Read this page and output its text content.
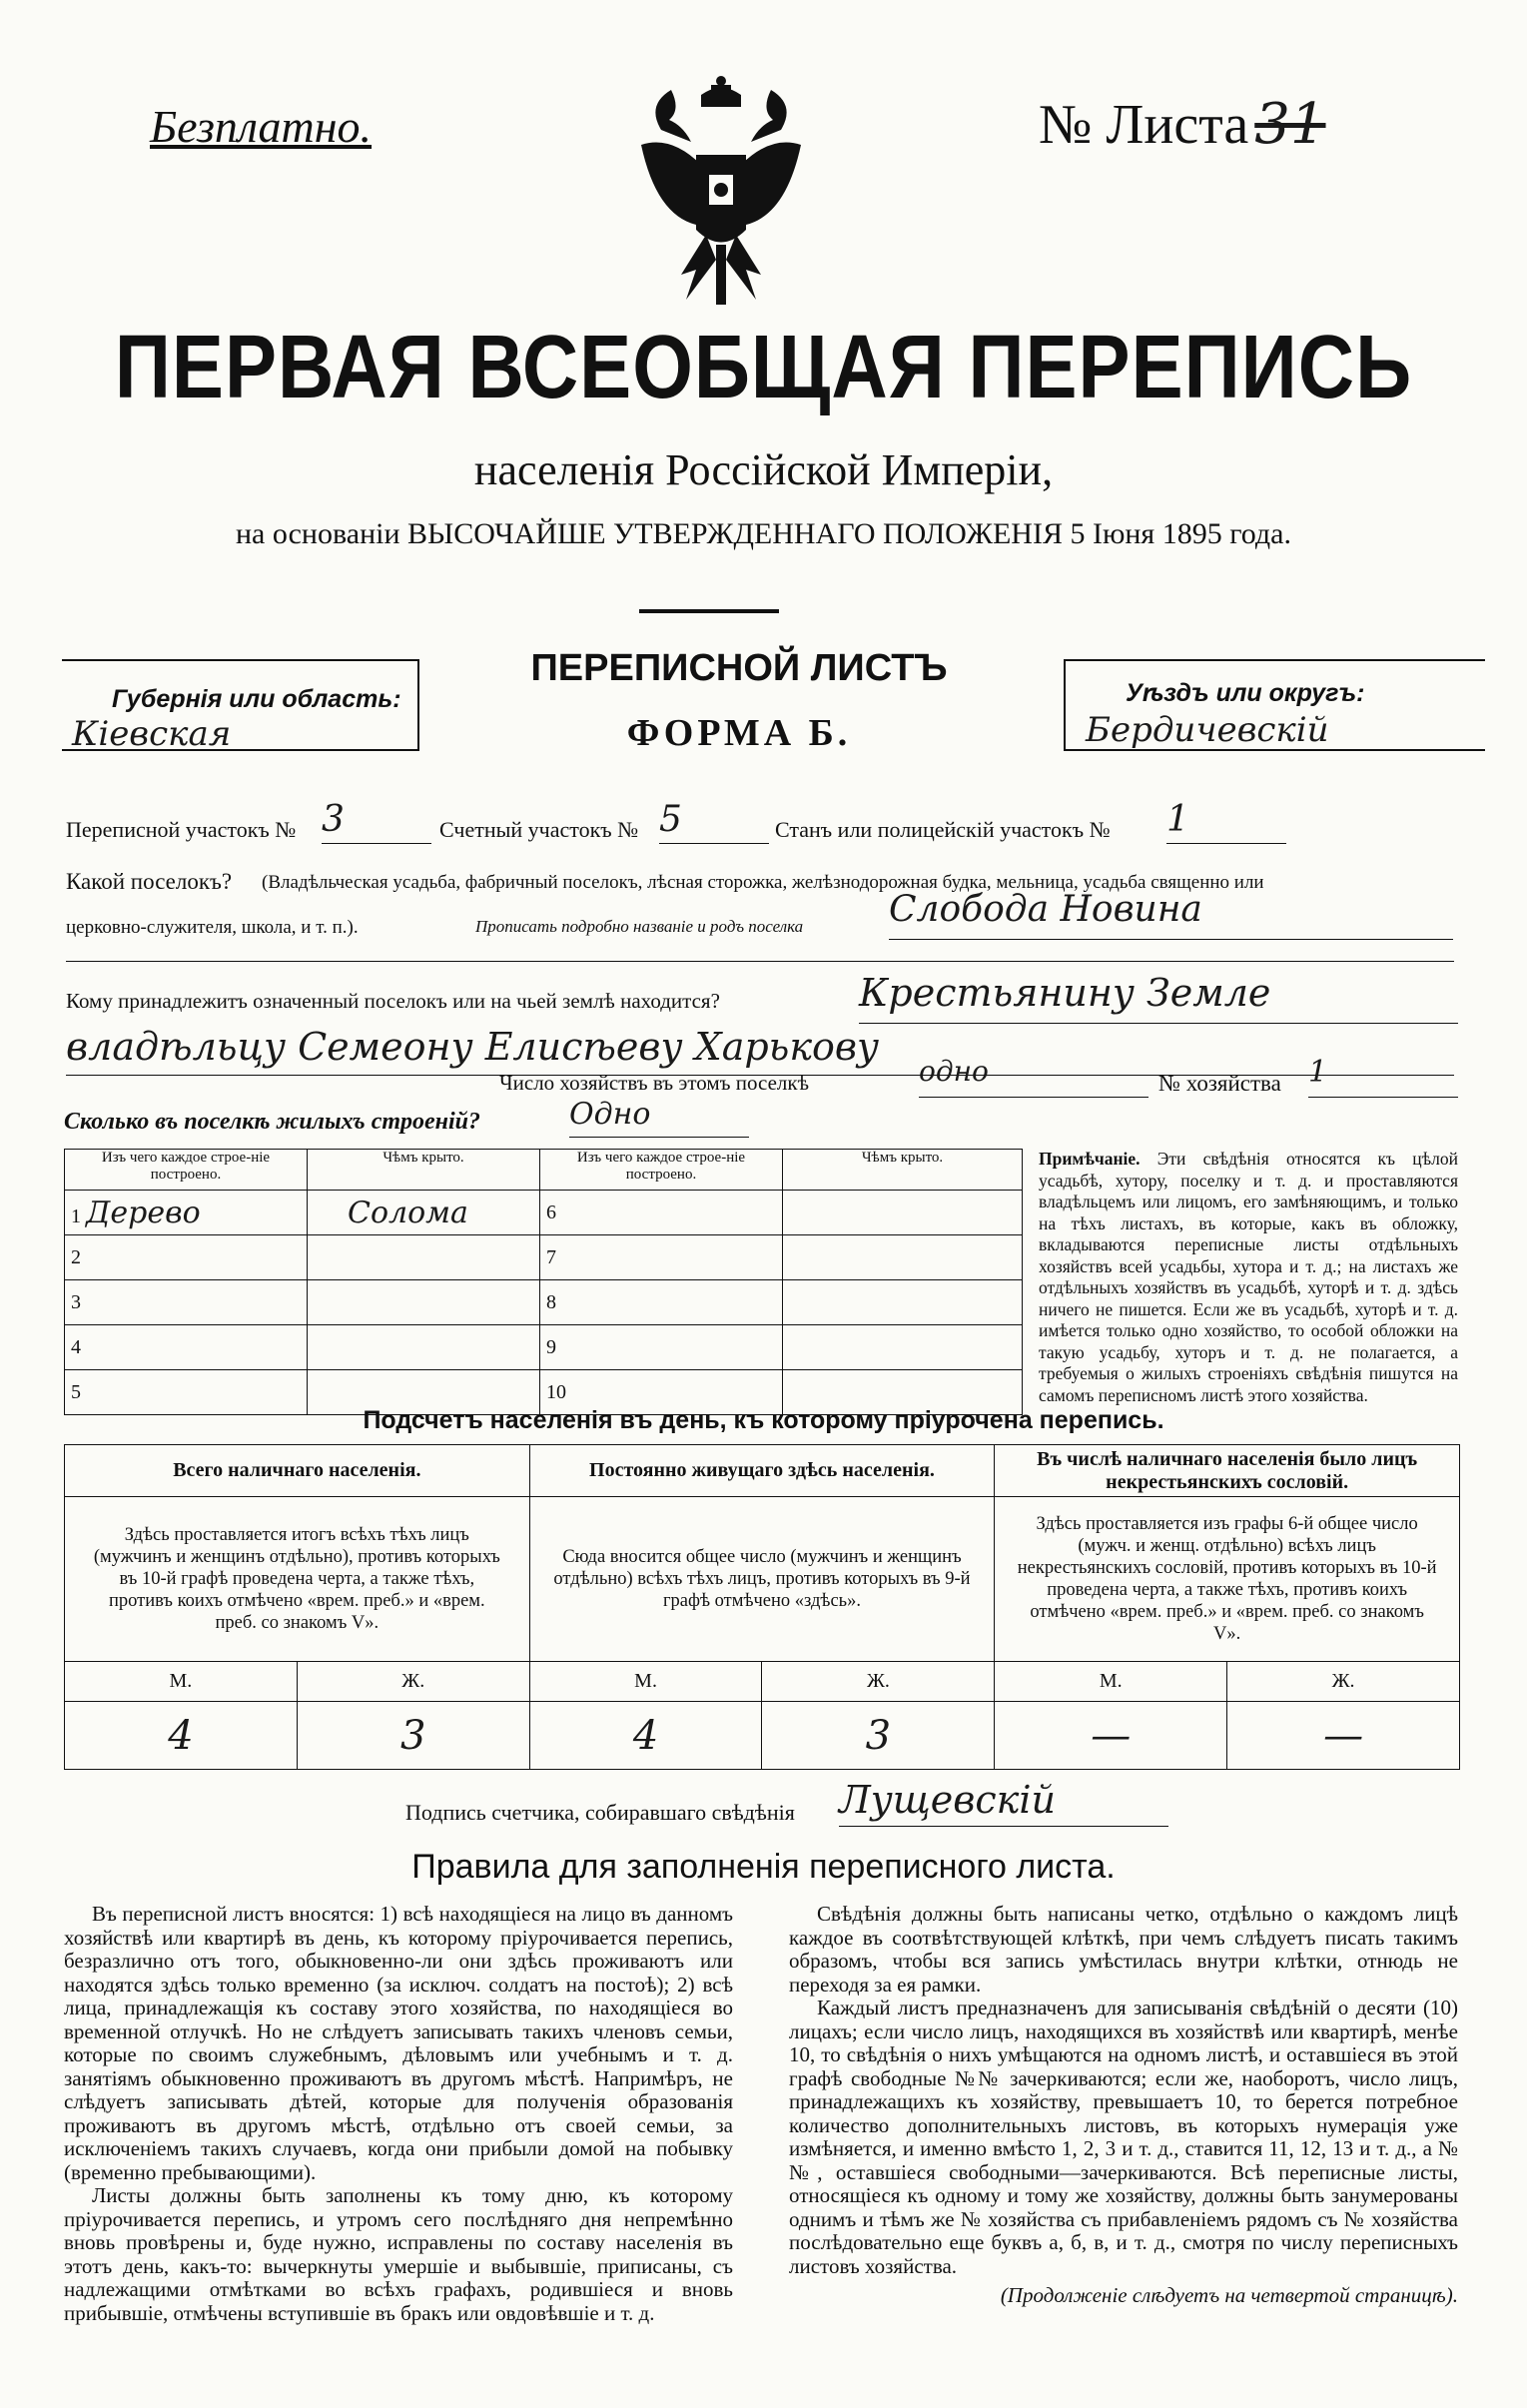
Безплатно.	№ Листа 31
ПЕРВАЯ ВСЕОБЩАЯ ПЕРЕПИСЬ
населенія Россійской Имперіи,
на основаніи ВЫСОЧАЙШЕ УТВЕРЖДЕННАГО ПОЛОЖЕНІЯ 5 Іюня 1895 года.
Губернія или область:
Кіевская
ПЕРЕПИСНОЙ ЛИСТЪ
ФОРМА Б.
Уѣздъ или округъ:
Бердичевскій
Переписной участокъ № 3	Счетный участокъ № 5	Станъ или полицейскій участокъ № 1
Какой поселокъ? (Владѣльческая усадьба, фабричный поселокъ, лѣсная сторожка, желѣзнодорожная будка, мельница, усадьба священно или
церковно-служителя, школа, и т. п.).	Прописать подробно названіе и родъ поселка Слобода Новина
Кому принадлежитъ означенный поселокъ или на чьей землѣ находится?	Крестьянину Земле
владѣльцу Семеону Елисѣеву Харькову
Число хозяйствъ въ этомъ поселкѣ	одно	№ хозяйства 1
Сколько въ поселкѣ жилыхъ строеній?	Одно
Изъ чего каждое строе-ніе построено.	Чѣмъ крыто.	Изъ чего каждое строе-ніе построено.	Чѣмъ крыто.
1 Дерево	Солома	6	
2		7	
3		8	
4		9	
5		10	
Примѣчаніе. Эти свѣдѣнія относятся къ цѣлой усадьбѣ, хутору, поселку и т. д. и проставляются владѣльцемъ или лицомъ, его замѣняющимъ, и только на тѣхъ листахъ, въ которые, какъ въ обложку, вкладываются переписные листы отдѣльныхъ хозяйствъ всей усадьбы, хутора и т. д.; на листахъ же отдѣльныхъ хозяйствъ въ усадьбѣ, хуторѣ и т. д. здѣсь ничего не пишется. Если же въ усадьбѣ, хуторѣ и т. д. имѣется только одно хозяйство, то особой обложки на такую усадьбу, хуторъ и т. д. не полагается, а требуемыя о жилыхъ строеніяхъ свѣдѣнія пишутся на самомъ переписномъ листѣ этого хозяйства.
Подсчетъ населенія въ день, къ которому пріурочена перепись.
Всего наличнаго населенія.		Постоянно живущаго здѣсь населенія.		Въ числѣ наличнаго населенія было лицъ некрестьянскихъ сословій.	
Здѣсь проставляется итогъ всѣхъ тѣхъ лицъ (мужчинъ и женщинъ отдѣльно), противъ которыхъ въ 10-й графѣ проведена черта, а также тѣхъ, противъ коихъ отмѣчено «врем. преб.» и «врем. преб. со знакомъ V».		Сюда вносится общее число (мужчинъ и женщинъ отдѣльно) всѣхъ тѣхъ лицъ, противъ которыхъ въ 9-й графѣ отмѣчено «здѣсь».		Здѣсь проставляется изъ графы 6-й общее число (мужч. и женщ. отдѣльно) всѣхъ лицъ некрестьянскихъ сословій, противъ которыхъ въ 10-й проведена черта, а также тѣхъ, противъ коихъ отмѣчено «врем. преб.» и «врем. преб. со знакомъ V».	
М.	Ж.	М.	Ж.	М.	Ж.
4	3	4	3	—	—
Подпись счетчика, собиравшаго свѣдѣнія Лущевскій
Правила для заполненія переписного листа.

Въ переписной листъ вносятся: 1) всѣ находящіеся на лицо въ данномъ хозяйствѣ или квартирѣ въ день, къ которому пріурочивается перепись, безразлично отъ того, обыкновенно-ли они здѣсь проживаютъ или находятся здѣсь только временно (за исключ. солдатъ на постоѣ); 2) всѣ лица, принадлежащія къ составу этого хозяйства, по находящіеся во временной отлучкѣ. Но не слѣдуетъ записывать такихъ членовъ семьи, которые по своимъ служебнымъ, дѣловымъ или учебнымъ и т. д. занятіямъ обыкновенно проживаютъ въ другомъ мѣстѣ. Напримѣръ, не слѣдуетъ записывать дѣтей, которые для полученія образованія проживаютъ въ другомъ мѣстѣ, отдѣльно отъ своей семьи, за исключеніемъ такихъ случаевъ, когда они прибыли домой на побывку (временно пребывающими).

Листы должны быть заполнены къ тому дню, къ которому пріурочивается перепись, и утромъ сего послѣдняго дня непремѣнно вновь провѣрены и, буде нужно, исправлены по составу населенія въ этотъ день, какъ-то: вычеркнуты умершіе и выбывшіе, приписаны, съ надлежащими отмѣтками во всѣхъ графахъ, родившіеся и вновь прибывшіе, отмѣчены вступившіе въ бракъ или овдовѣвшіе и т. д.

Свѣдѣнія должны быть написаны четко, отдѣльно о каждомъ лицѣ каждое въ соотвѣтствующей клѣткѣ, при чемъ слѣдуетъ писать такимъ образомъ, чтобы вся запись умѣстилась внутри клѣтки, отнюдь не переходя за ея рамки.

Каждый листъ предназначенъ для записыванія свѣдѣній о десяти (10) лицахъ; если число лицъ, находящихся въ хозяйствѣ или квартирѣ, менѣе 10, то свѣдѣнія о нихъ умѣщаются на одномъ листѣ, и оставшіеся въ этой графѣ свободные №№ зачеркиваются; если же, наоборотъ, число лицъ, принадлежащихъ къ хозяйству, превышаетъ 10, то берется потребное количество дополнительныхъ листовъ, въ которыхъ нумерація уже измѣняется, и именно вмѣсто 1, 2, 3 и т. д., ставится 11, 12, 13 и т. д., а №№, оставшіеся свободными—зачеркиваются. Всѣ переписные листы, относящіеся къ одному и тому же хозяйству, должны быть занумерованы однимъ и тѣмъ же № хозяйства съ прибавленіемъ рядомъ съ № хозяйства послѣдовательно еще буквъ а, б, в, и т. д., смотря по числу переписныхъ листовъ хозяйства.

(Продолженіе слѣдуетъ на четвертой страницѣ).
